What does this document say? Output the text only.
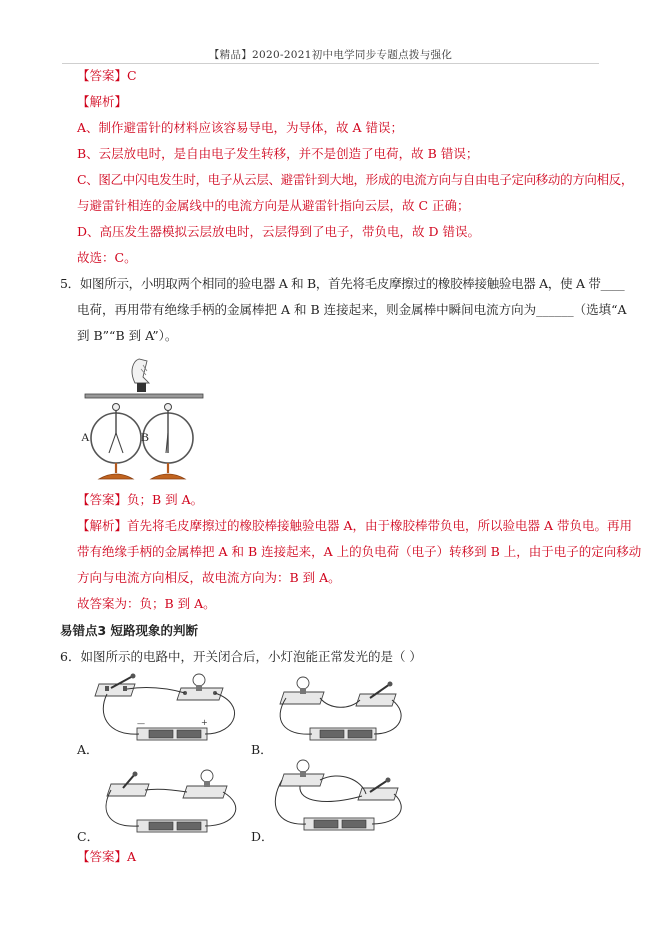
【精品】2020-2021初中电学同步专题点拨与强化
【答案】C
【解析】
A、制作避雷针的材料应该容易导电，为导体，故 A 错误；
B、云层放电时，是自由电子发生转移，并不是创造了电荷，故 B 错误；
C、图乙中闪电发生时，电子从云层、避雷针到大地，形成的电流方向与自由电子定向移动的方向相反，
与避雷针相连的金属线中的电流方向是从避雷针指向云层，故 C 正确；
D、高压发生器模拟云层放电时，云层得到了电子，带负电，故 D 错误。
故选：C。
5．如图所示，小明取两个相同的验电器 A 和 B，首先将毛皮摩擦过的橡胶棒接触验电器 A，使 A 带____
电荷，再用带有绝缘手柄的金属棒把 A 和 B 连接起来，则金属棒中瞬间电流方向为______（选填“A
到 B”“B 到 A”）。
A	B
【答案】负；B 到 A。
【解析】首先将毛皮摩擦过的橡胶棒接触验电器 A，由于橡胶棒带负电，所以验电器 A 带负电。再用
带有绝缘手柄的金属棒把 A 和 B 连接起来，A 上的负电荷（电子）转移到 B 上，由于电子的定向移动
方向与电流方向相反，故电流方向为：B 到 A。
故答案为：负；B 到 A。
易错点3 短路现象的判断
6．如图所示的电路中，开关闭合后，小灯泡能正常发光的是（ ）
—	+
A．	B．
C．	D．
【答案】A
